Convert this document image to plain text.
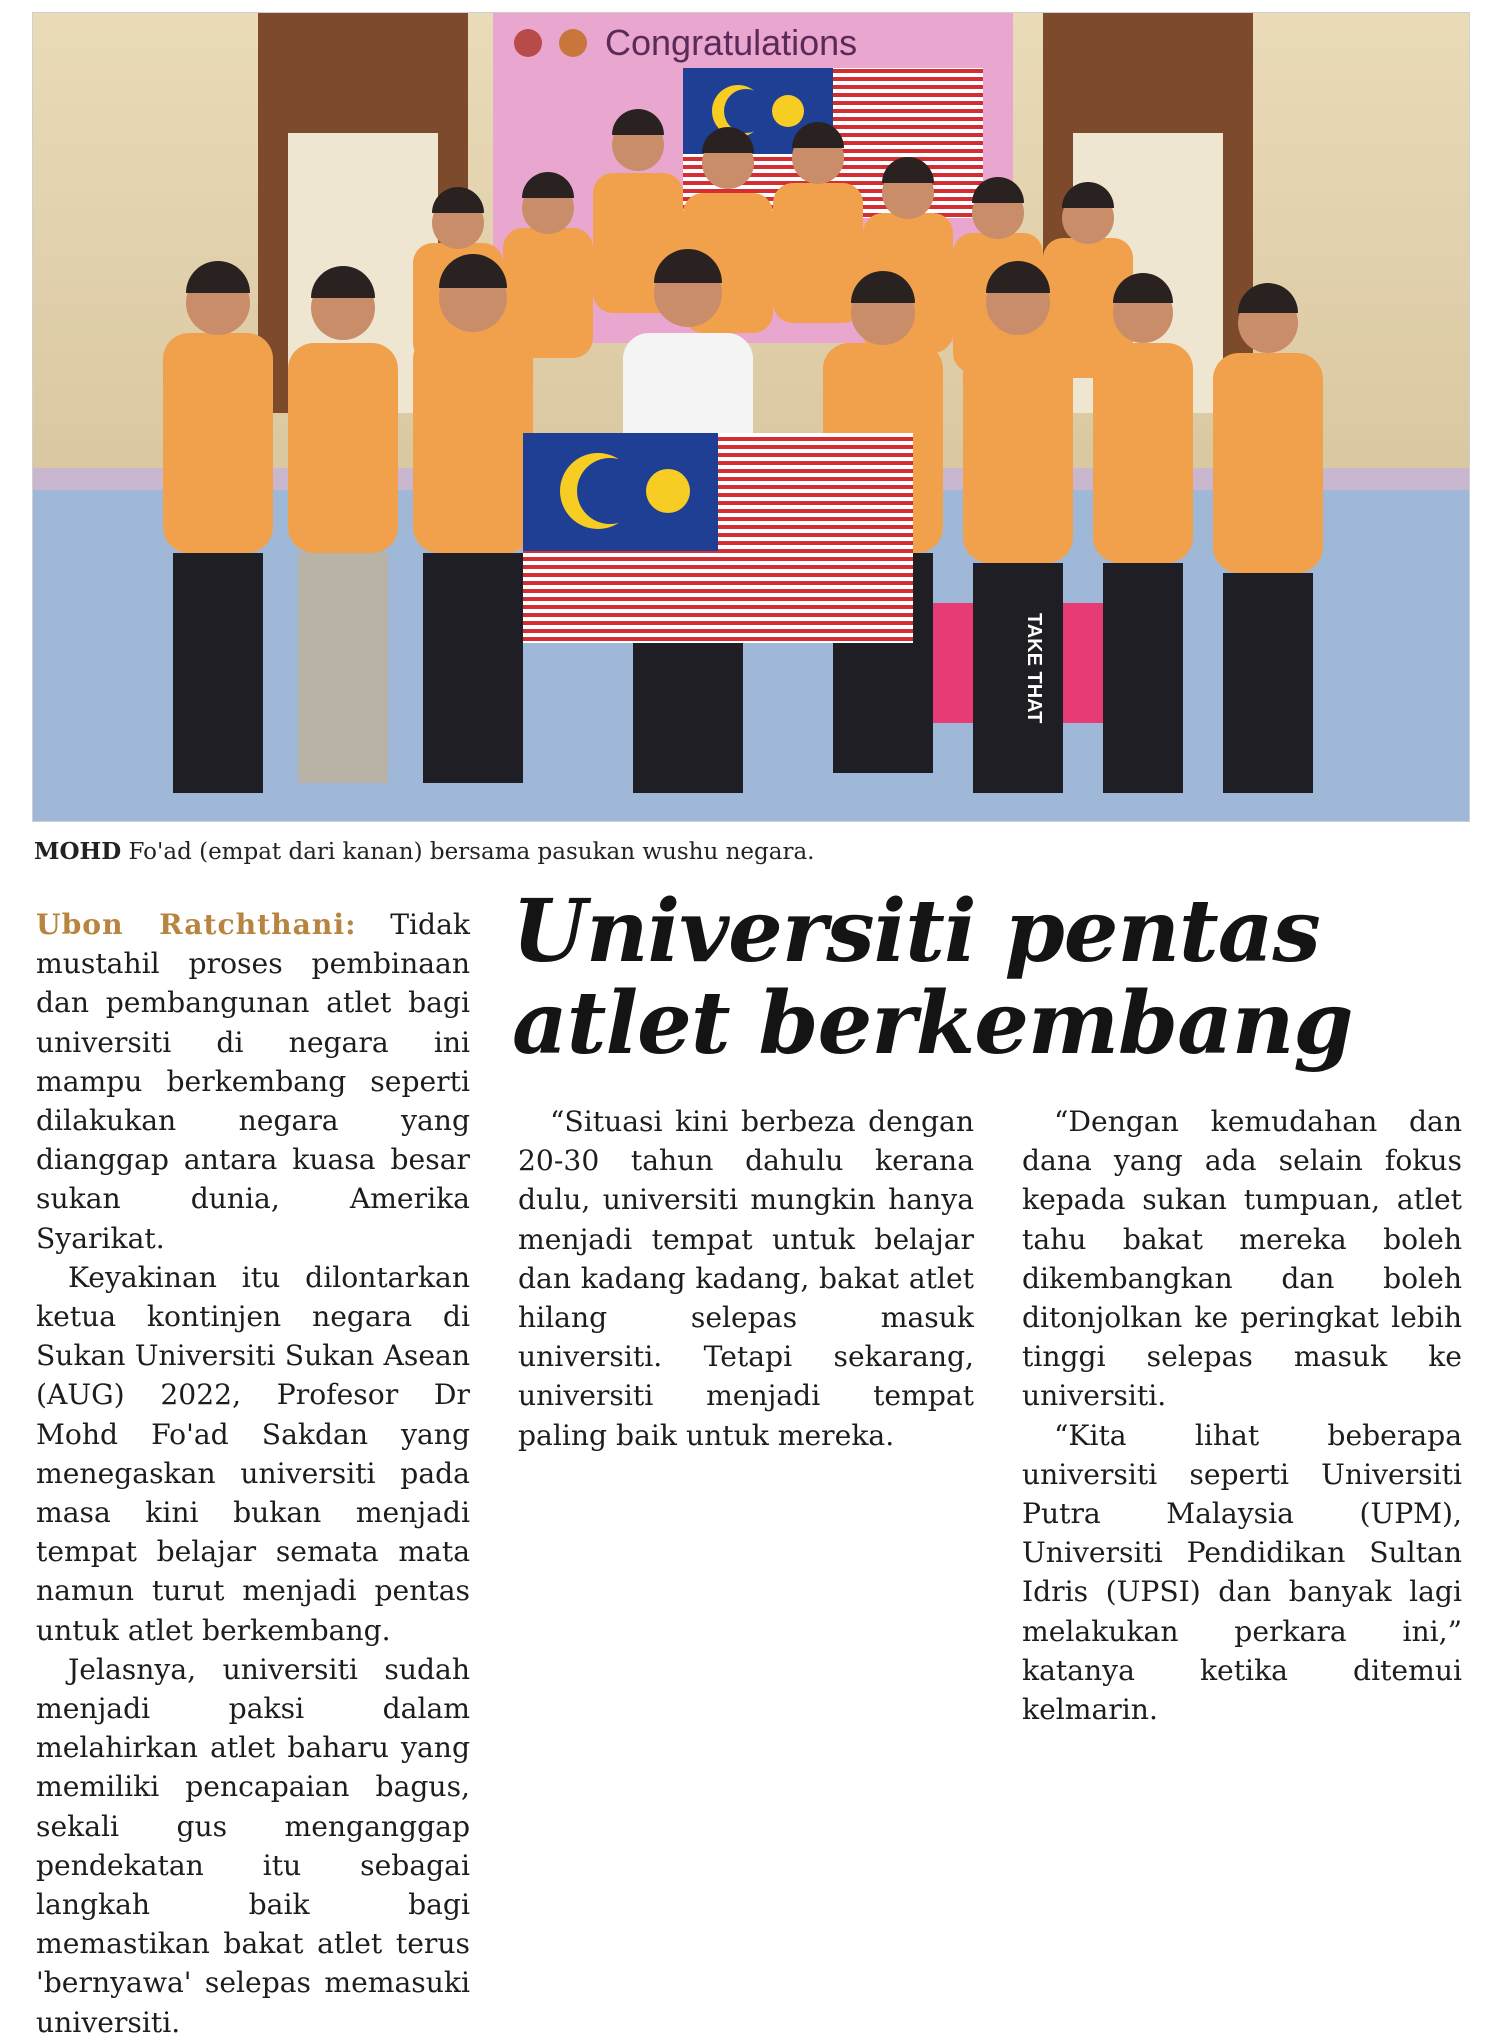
Congratulations
TAKE THAT
MOHD Fo'ad (empat dari kanan) bersama pasukan wushu negara.
Universiti pentas
atlet berkembang

Ubon Ratchthani: Tidak mustahil proses pembinaan dan pembangunan atlet bagi universiti di negara ini mampu berkembang seperti dilakukan negara yang dianggap antara kuasa besar sukan dunia, Amerika Syarikat.

Keyakinan itu dilontarkan ketua kontinjen negara di Sukan Universiti Sukan Asean (AUG) 2022, Profesor Dr Mohd Fo'ad Sakdan yang menegaskan universiti pada masa kini bukan menjadi tempat belajar semata mata namun turut menjadi pentas untuk atlet berkembang.

Jelasnya, universiti sudah menjadi paksi dalam melahirkan atlet baharu yang memiliki pencapaian bagus, sekali gus menganggap pendekatan itu sebagai langkah baik bagi memastikan bakat atlet terus 'bernyawa' selepas memasuki universiti.

“Situasi kini berbeza dengan 20-30 tahun dahulu kerana dulu, universiti mungkin hanya menjadi tempat untuk belajar dan kadang kadang, bakat atlet hilang selepas masuk universiti. Tetapi sekarang, universiti menjadi tempat paling baik untuk mereka.

“Dengan kemudahan dan dana yang ada selain fokus kepada sukan tumpuan, atlet tahu bakat mereka boleh dikembangkan dan boleh ditonjolkan ke peringkat lebih tinggi selepas masuk ke universiti.

“Kita lihat beberapa universiti seperti Universiti Putra Malaysia (UPM), Universiti Pendidikan Sultan Idris (UPSI) dan banyak lagi melakukan perkara ini,” katanya ketika ditemui kelmarin.
